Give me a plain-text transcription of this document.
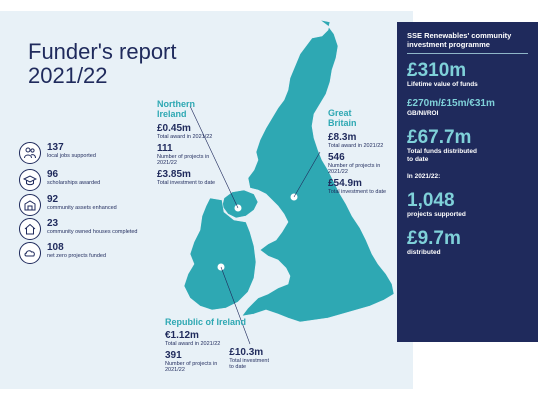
Funder's report
2021/22
137
local jobs supported
96
scholarships awarded
92
community assets enhanced
23
community owned houses completed
108
net zero projects funded
Northern
Ireland
£0.45m
Total award in 2021/22
111
Number of projects in
2021/22
£3.85m
Total investment to date
Great
Britain
£8.3m
Total award in 2021/22
546
Number of projects in
2021/22
£54.9m
Total investment to date
Republic of Ireland
€1.12m
Total award in 2021/22
391
Number of projects in
2021/22
£10.3m
Total investment
to date
SSE Renewables' community investment programme
£310m
Lifetime value of funds
£270m/£15m/€31m
GB/NI/ROI
£67.7m
Total funds distributed
to date
In 2021/22:
1,048
projects supported
£9.7m
distributed
